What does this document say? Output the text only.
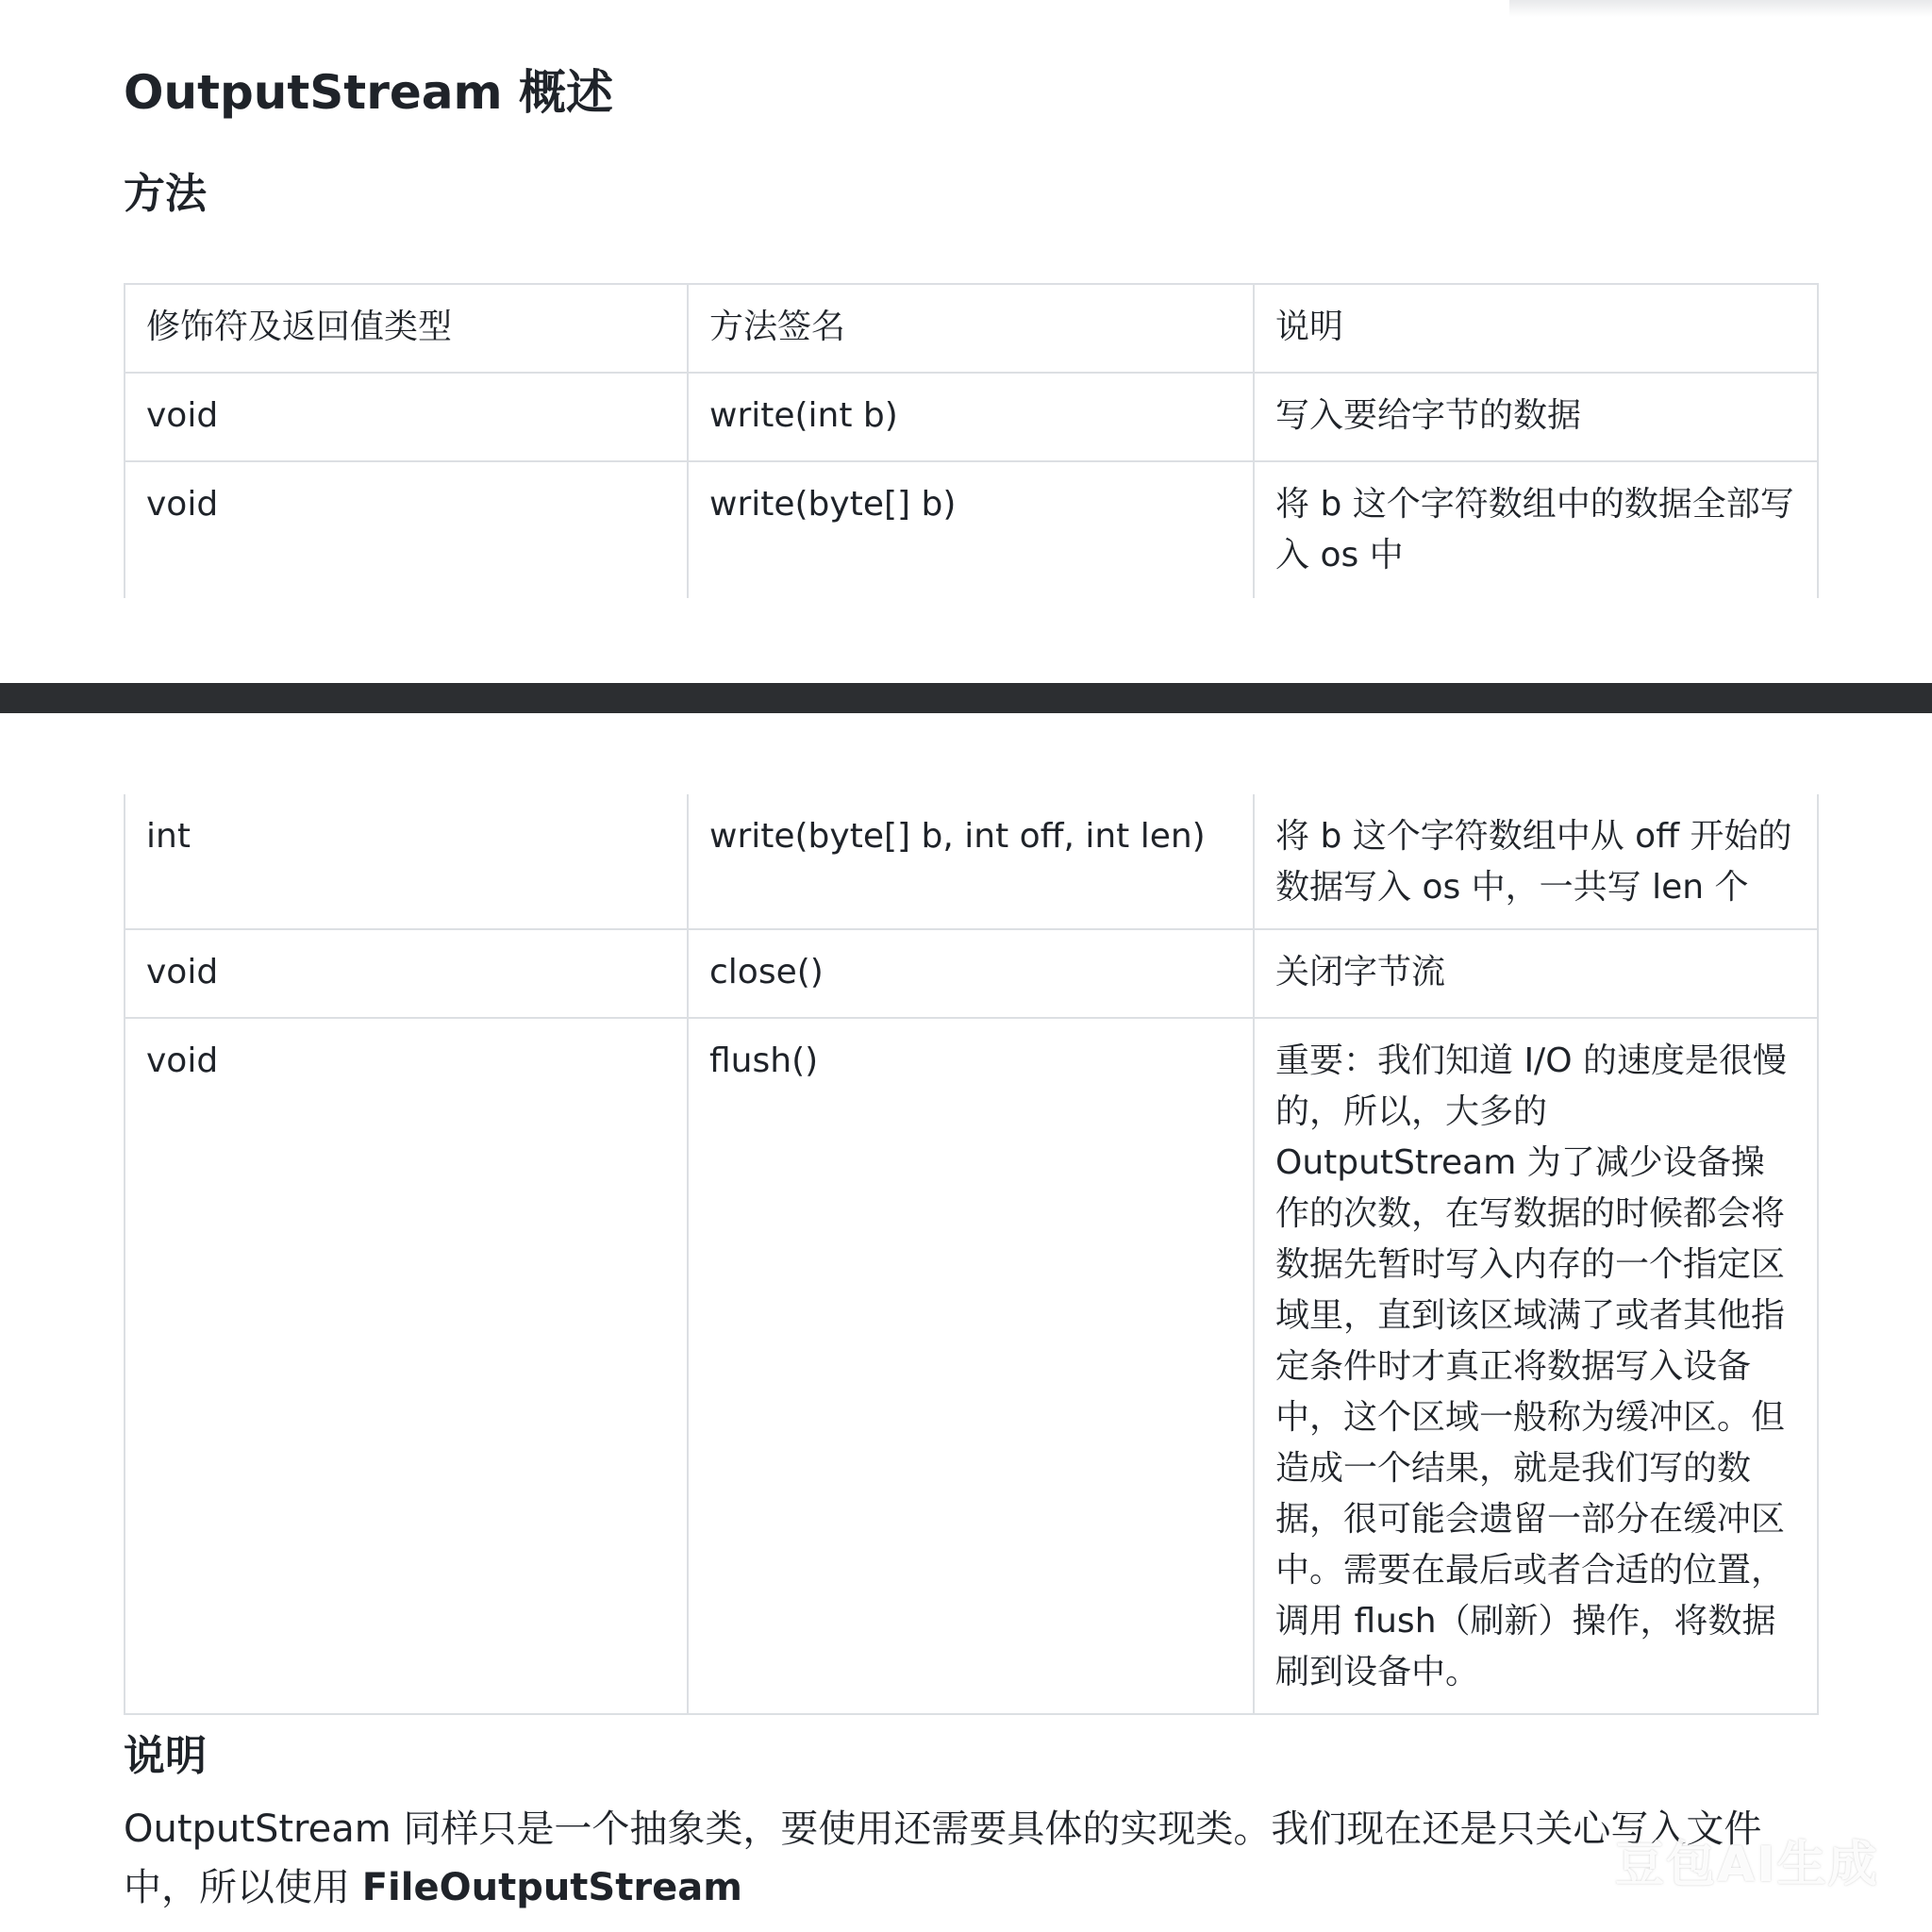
OutputStream 概述
方法
修饰符及返回值类型	方法签名	说明
void	write(int b)	写入要给字节的数据
void	write(byte[] b)	将 b 这个字符数组中的数据全部写入 os 中
int	write(byte[] b, int off, int len)	将 b 这个字符数组中从 off 开始的数据写入 os 中，一共写 len 个
void	close()	关闭字节流
void	flush()	重要：我们知道 I/O 的速度是很慢的，所以，大多的 OutputStream 为了减少设备操作的次数，在写数据的时候都会将数据先暂时写入内存的一个指定区域里，直到该区域满了或者其他指定条件时才真正将数据写入设备中，这个区域一般称为缓冲区。但造成一个结果，就是我们写的数据，很可能会遗留一部分在缓冲区中。需要在最后或者合适的位置，调用 flush（刷新）操作，将数据刷到设备中。
说明

OutputStream 同样只是一个抽象类，要使用还需要具体的实现类。我们现在还是只关心写入文件中，所以使用 FileOutputStream	豆包AI生成
